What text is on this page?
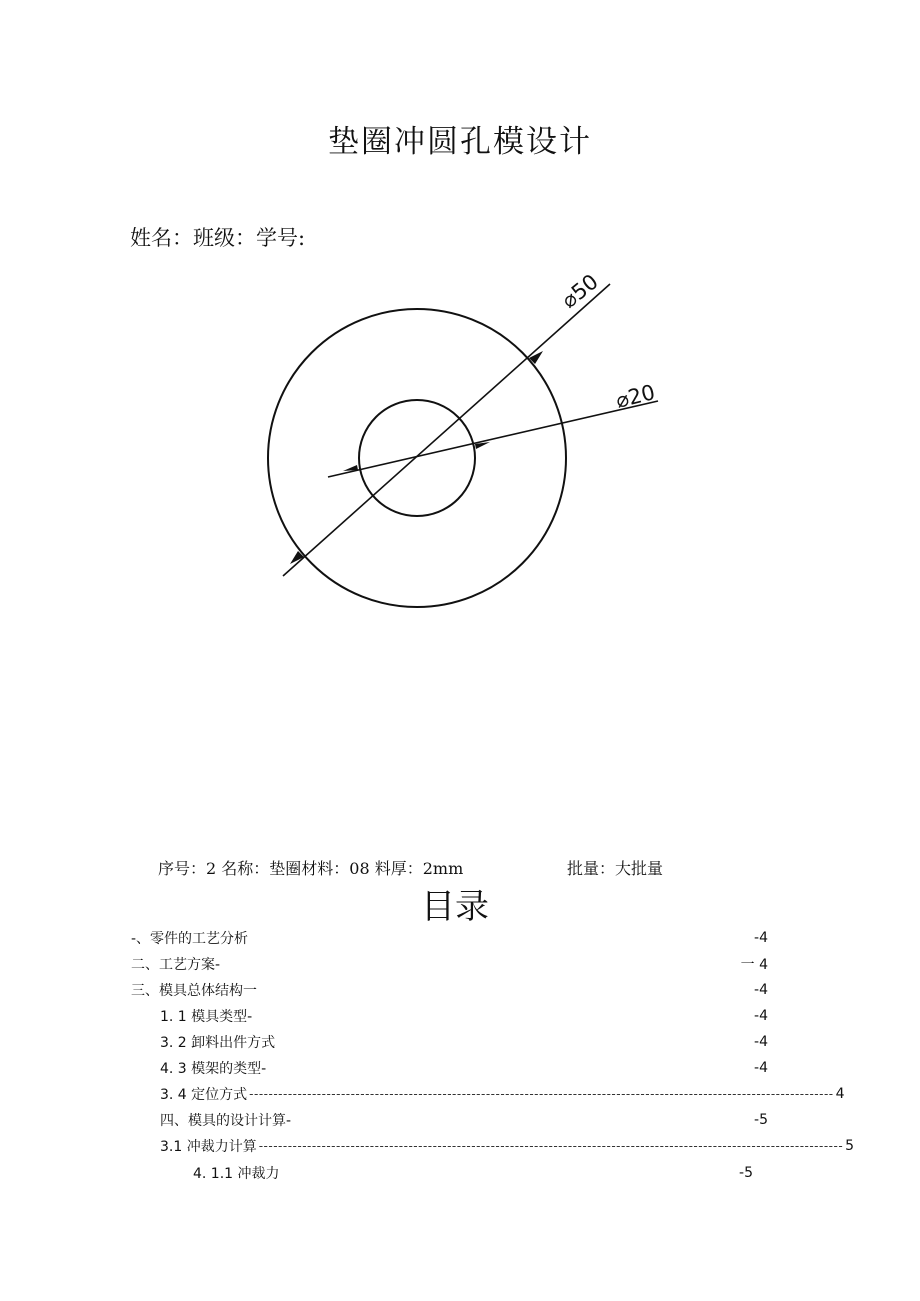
垫圈冲圆孔模设计
姓名：班级：学号:
⌀50
⌀20
序号：2 名称：垫圈材料：08 料厚：2mm	批量：大批量
目录
-、零件的工艺分析	-4
二、工艺方案-	一 4
三、模具总体结构一	-4
1. 1 模具类型-	-4
3. 2 卸料出件方式	-4
4. 3 模架的类型-	-4
3. 4 定位方式 ------------------------------------------------------------------------------------------------------------------------- 4
四、模具的设计计算-	-5
3.1 冲裁力计算 ------------------------------------------------------------------------------------------------------------------------- 5
4. 1.1 冲裁力	-5
